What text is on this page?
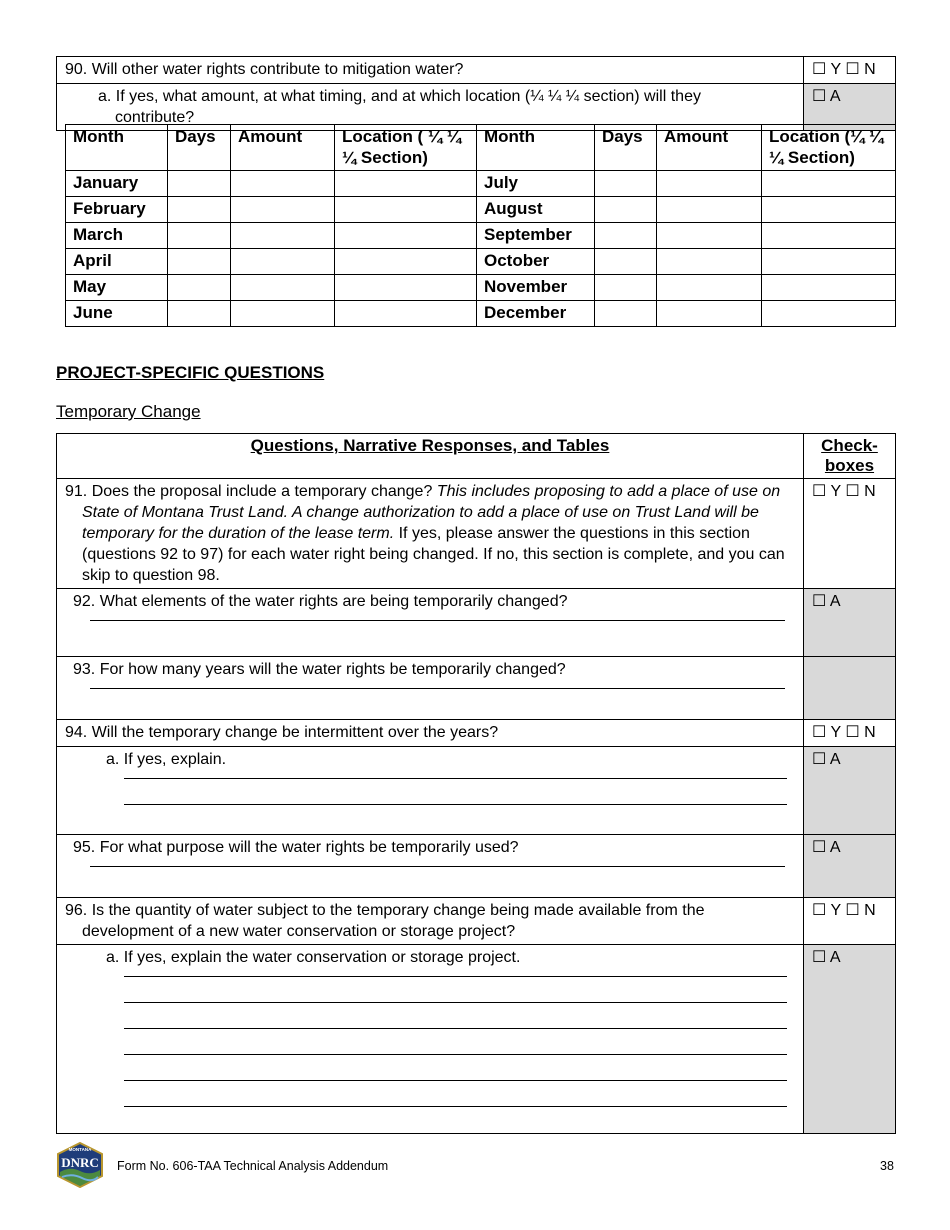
90. Will other water rights contribute to mitigation water?	☐ Y ☐ N
a. If yes, what amount, at what timing, and at which location (¼ ¼ ¼ section) will they contribute?	☐ A
Month	Days	Amount	Location ( ¼ ¼ ¼ Section)	Month	Days	Amount	Location (¼ ¼ ¼ Section)
January				July			
February				August			
March				September			
April				October			
May				November			
June				December			
PROJECT-SPECIFIC QUESTIONS
Temporary Change
Questions, Narrative Responses, and Tables	Check-boxes
91. Does the proposal include a temporary change? This includes proposing to add a place of use on State of Montana Trust Land. A change authorization to add a place of use on Trust Land will be temporary for the duration of the lease term. If yes, please answer the questions in this section (questions 92 to 97) for each water right being changed. If no, this section is complete, and you can skip to question 98.	☐ Y ☐ N

92. What elements of the water rights are being temporarily changed?	☐ A

93. For how many years will the water rights be temporarily changed?	

94. Will the temporary change be intermittent over the years?	☐ Y ☐ N

a. If yes, explain.	☐ A

95. For what purpose will the water rights be temporarily used?	☐ A
96. Is the quantity of water subject to the temporary change being made available from the development of a new water conservation or storage project?	☐ Y ☐ N

a. If yes, explain the water conservation or storage project.	☐ A
MONTANA
DNRC Form No. 606-TAA Technical Analysis Addendum	38
